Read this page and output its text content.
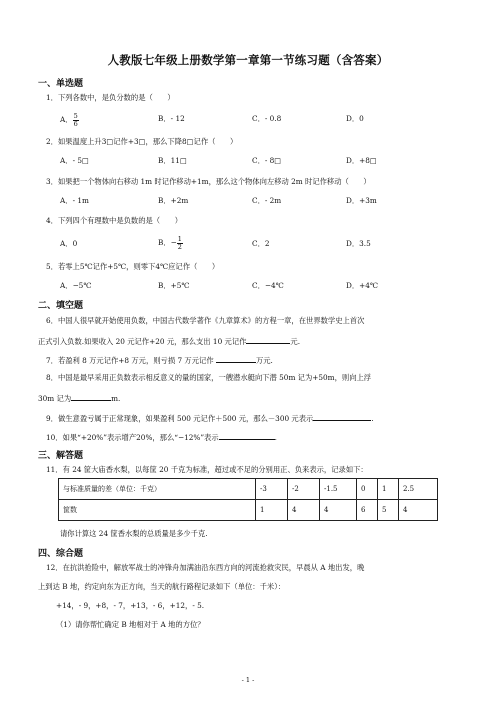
人教版七年级上册数学第一章第一节练习题（含答案）
一、单选题
1．下列各数中，是负分数的是（　　）
A． $\frac{5}{6}$	B．- 12	C．- 0.8	D．0
2．如果温度上升3□记作+3□，那么下降8□记作（　　）
A．- 5□	B．11□	C．- 8□	D．+8□
3．如果把一个物体向右移动 1m 时记作移动+1m，那么这个物体向左移动 2m 时记作移动（　　）
A．- 1m	B．+2m	C．- 2m	D．+3m
4．下列四个有理数中是负数的是（　　）
A．0	B．− $\frac{1}{2}$	C．2	D．3.5
5．若零上5℃记作+5℃，则零下4℃应记作（　　）
A．−5℃	B．+5℃	C．−4℃	D．+4℃
二、填空题
6．中国人很早就开始使用负数，中国古代数学著作《九章算术》的方程一章，在世界数学史上首次
正式引入负数.如果收入 20 元记作+20 元，那么支出 10 元记作	元.
7．若盈利 8 万元记作+8 万元，则亏损 7 万元记作	万元.
8．中国是最早采用正负数表示相反意义的量的国家，一艘潜水艇向下潜 50m 记为+50m，则向上浮
30m 记为	m.
9．做生意盈亏属于正常现象，如果盈利 500 元记作＋500 元，那么－300 元表示	.
10．如果“+20%”表示增产20%，那么“−12%”表示	.
三、解答题
11．有 24 筐大庙香水梨，以每筐 20 千克为标准，超过或不足的分别用正、负来表示，记录如下：
与标准质量的差（单位：千克）	-3	-2	-1.5	0	1	2.5
筐数	1	4	4	6	5	4
请你计算这 24 筐香水梨的总质量是多少千克.
四、综合题
12．在抗洪抢险中，解放军战士的冲锋舟加满油沿东西方向的河流抢救灾民，早晨从 A 地出发，晚
上到达 B 地，约定向东为正方向，当天的航行路程记录如下（单位：千米）：
+14，- 9，+8，- 7，+13，- 6，+12，- 5.
（1）请你帮忙确定 B 地相对于 A 地的方位？
- 1 -
